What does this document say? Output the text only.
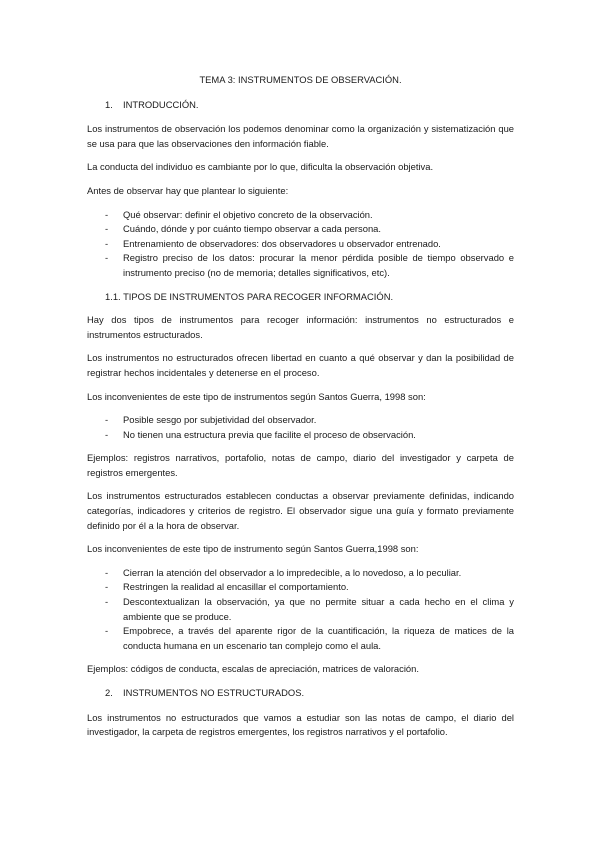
TEMA 3: INSTRUMENTOS DE OBSERVACIÓN.
1. INTRODUCCIÓN.

Los instrumentos de observación los podemos denominar como la organización y sistematización que se usa para que las observaciones den información fiable.

La conducta del individuo es cambiante por lo que, dificulta la observación objetiva.

Antes de observar hay que plantear lo siguiente:

- Qué observar: definir el objetivo concreto de la observación.
- Cuándo, dónde y por cuánto tiempo observar a cada persona.
- Entrenamiento de observadores: dos observadores u observador entrenado.
- Registro preciso de los datos: procurar la menor pérdida posible de tiempo observado e instrumento preciso (no de memoria; detalles significativos, etc).
1.1. TIPOS DE INSTRUMENTOS PARA RECOGER INFORMACIÓN.

Hay dos tipos de instrumentos para recoger información: instrumentos no estructurados e instrumentos estructurados.

Los instrumentos no estructurados ofrecen libertad en cuanto a qué observar y dan la posibilidad de registrar hechos incidentales y detenerse en el proceso.

Los inconvenientes de este tipo de instrumentos según Santos Guerra, 1998 son:

- Posible sesgo por subjetividad del observador.
- No tienen una estructura previa que facilite el proceso de observación.

Ejemplos: registros narrativos, portafolio, notas de campo, diario del investigador y carpeta de registros emergentes.

Los instrumentos estructurados establecen conductas a observar previamente definidas, indicando categorías, indicadores y criterios de registro. El observador sigue una guía y formato previamente definido por él a la hora de observar.

Los inconvenientes de este tipo de instrumento según Santos Guerra,1998 son:

- Cierran la atención del observador a lo impredecible, a lo novedoso, a lo peculiar.
- Restringen la realidad al encasillar el comportamiento.
- Descontextualizan la observación, ya que no permite situar a cada hecho en el clima y ambiente que se produce.
- Empobrece, a través del aparente rigor de la cuantificación, la riqueza de matices de la conducta humana en un escenario tan complejo como el aula.

Ejemplos: códigos de conducta, escalas de apreciación, matrices de valoración.

2. INSTRUMENTOS NO ESTRUCTURADOS.

Los instrumentos no estructurados que vamos a estudiar son las notas de campo, el diario del investigador, la carpeta de registros emergentes, los registros narrativos y el portafolio.
